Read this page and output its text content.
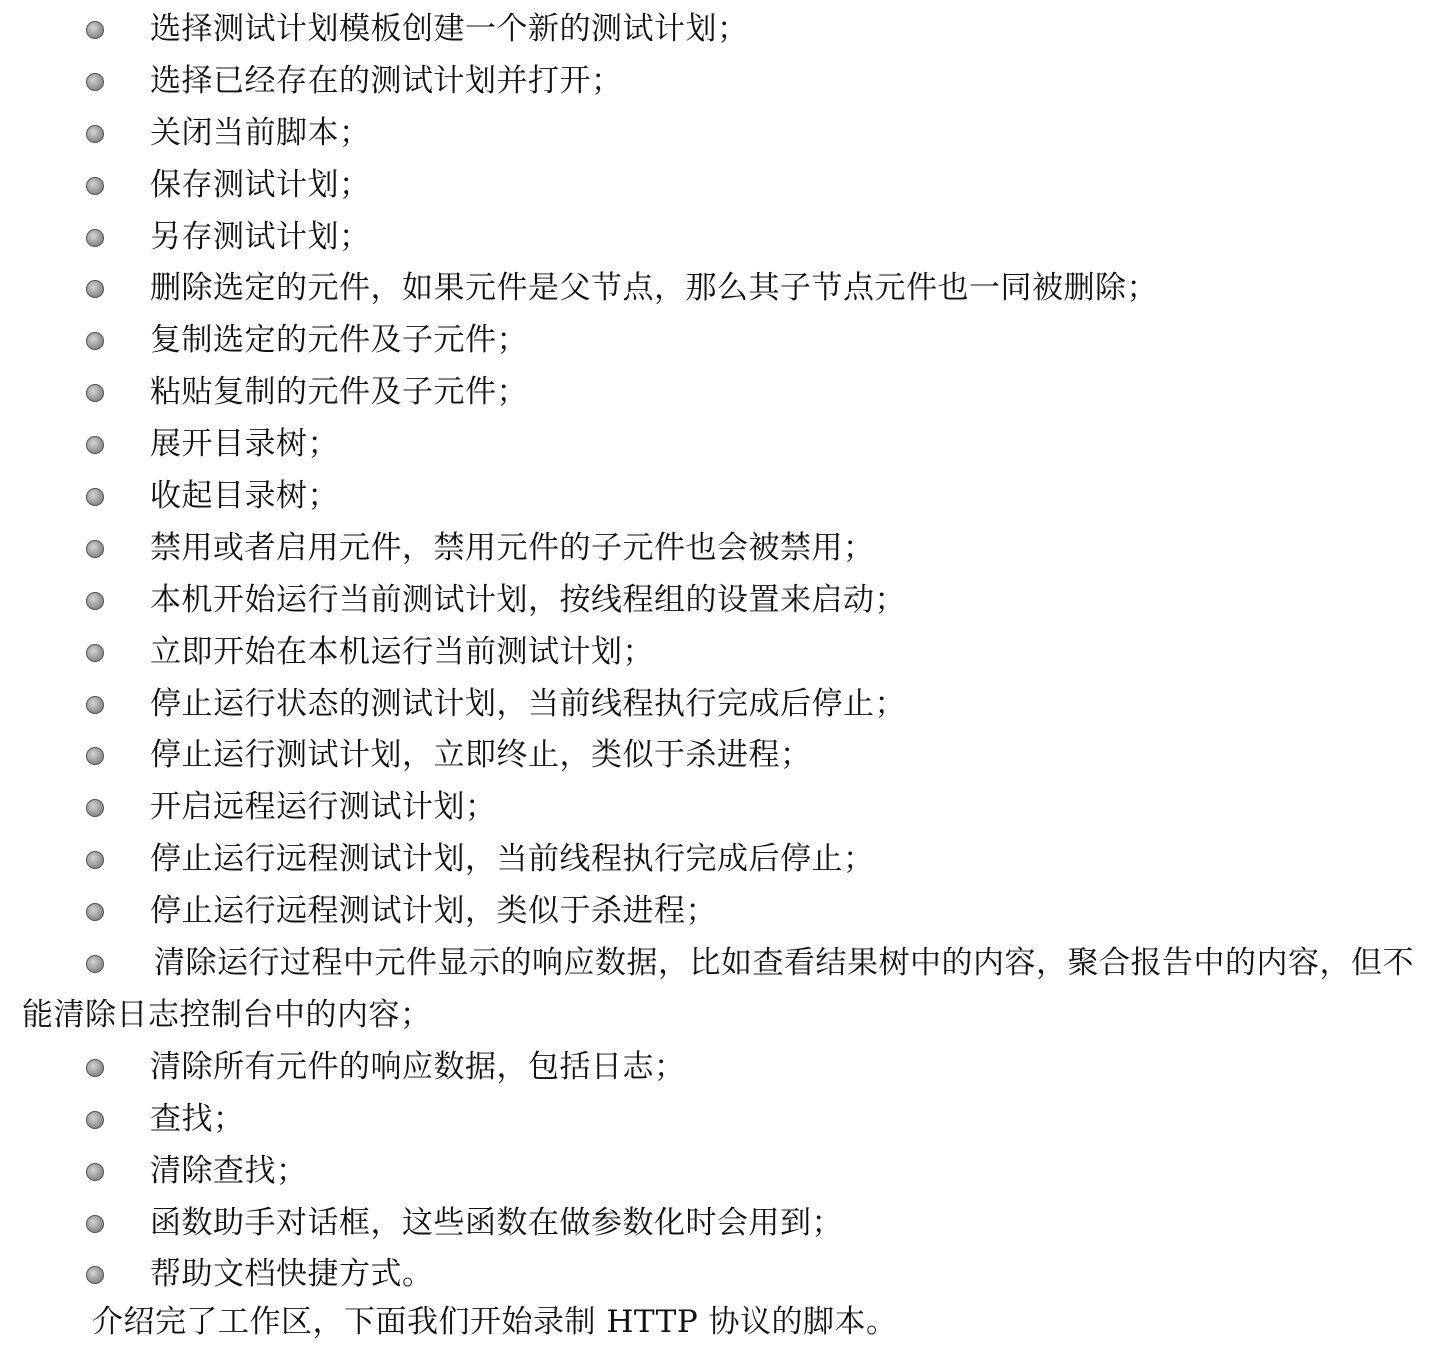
选择测试计划模板创建一个新的测试计划；
选择已经存在的测试计划并打开；
关闭当前脚本；
保存测试计划；
另存测试计划；
删除选定的元件，如果元件是父节点，那么其子节点元件也一同被删除；
复制选定的元件及子元件；
粘贴复制的元件及子元件；
展开目录树；
收起目录树；
禁用或者启用元件，禁用元件的子元件也会被禁用；
本机开始运行当前测试计划，按线程组的设置来启动；
立即开始在本机运行当前测试计划；
停止运行状态的测试计划，当前线程执行完成后停止；
停止运行测试计划，立即终止，类似于杀进程；
开启远程运行测试计划；
停止运行远程测试计划，当前线程执行完成后停止；
停止运行远程测试计划，类似于杀进程；
清除运行过程中元件显示的响应数据，比如查看结果树中的内容，聚合报告中的内容，但不能清除日志控制台中的内容；
清除所有元件的响应数据，包括日志；
查找；
清除查找；
函数助手对话框，这些函数在做参数化时会用到；
帮助文档快捷方式。
介绍完了工作区，下面我们开始录制 HTTP 协议的脚本。
